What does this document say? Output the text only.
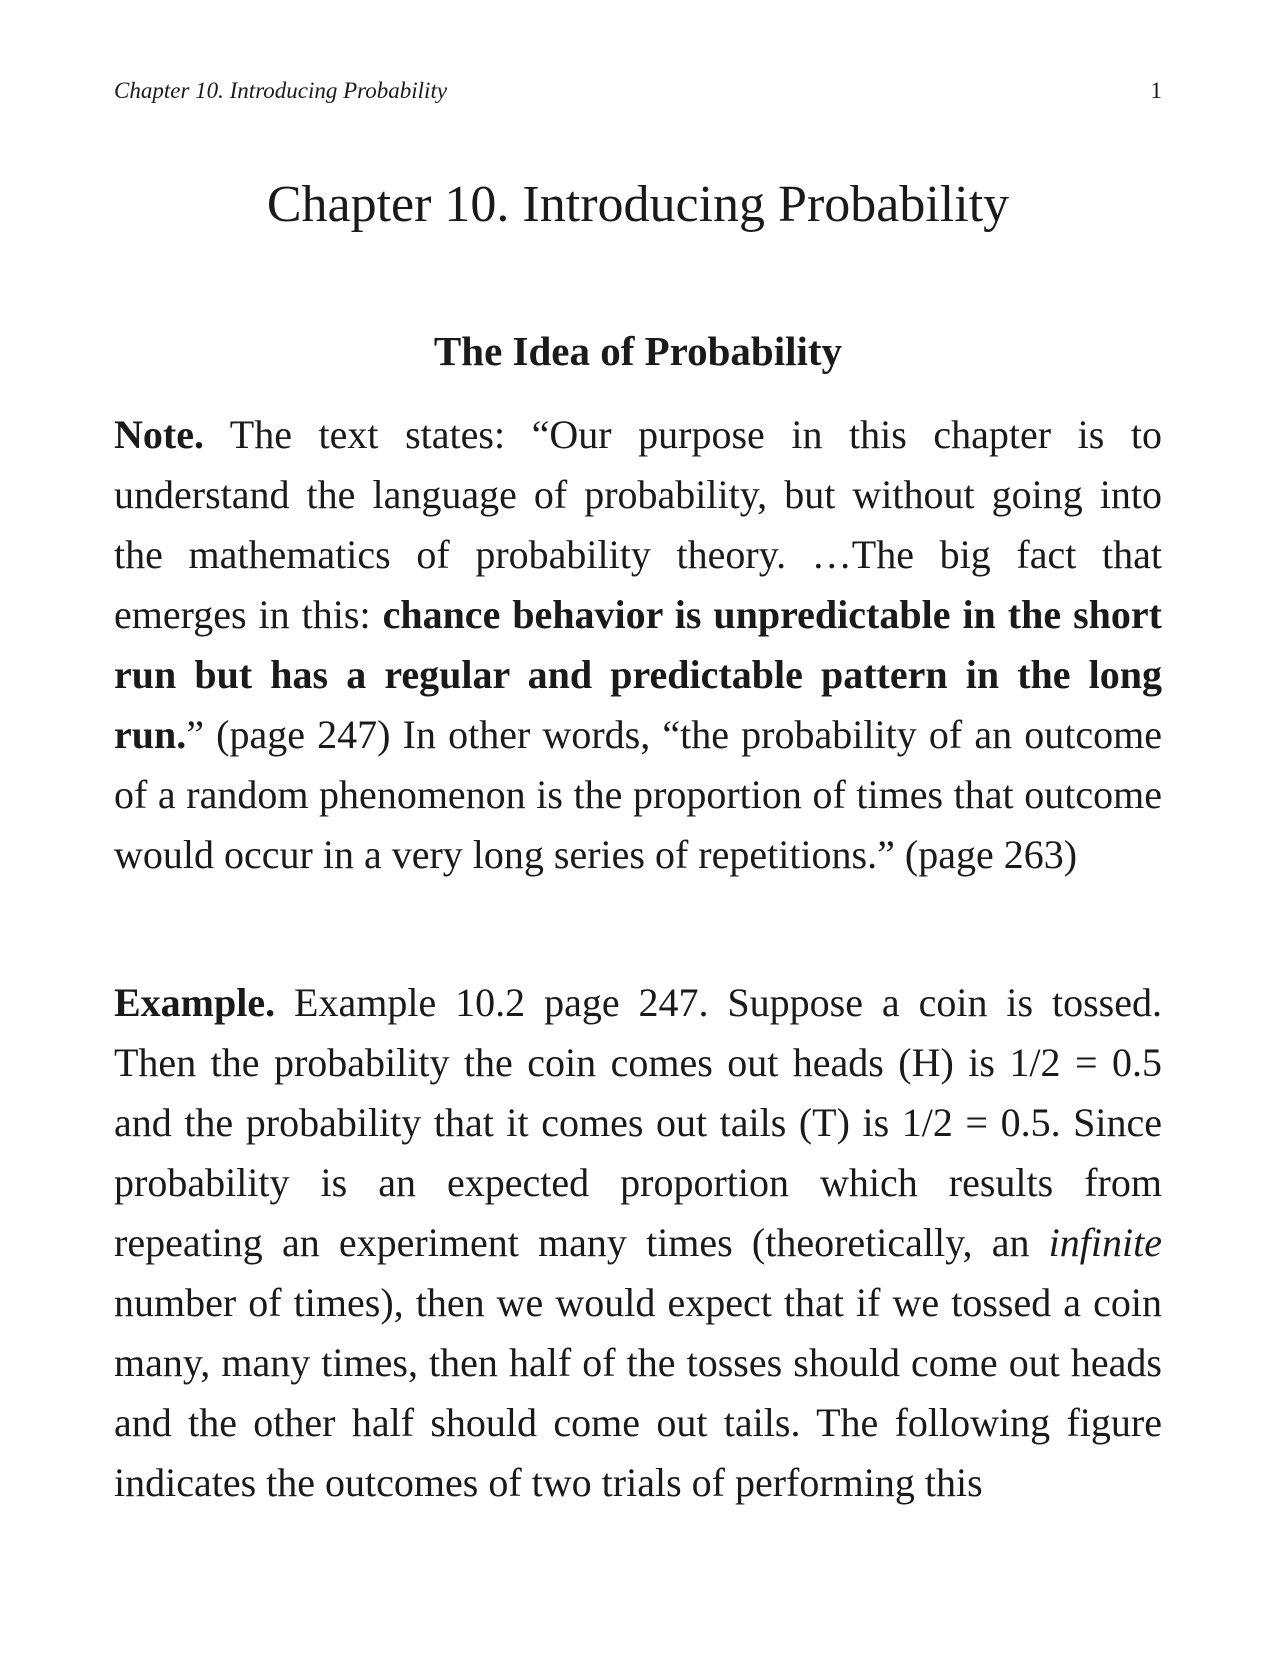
Chapter 10. Introducing Probability	1
Chapter 10. Introducing Probability
The Idea of Probability

Note. The text states: “Our purpose in this chapter is to understand the language of probability, but without going into the mathematics of probability theory. …The big fact that emerges in this: chance behavior is unpredictable in the short run but has a regular and predictable pattern in the long run.” (page 247) In other words, “the probability of an outcome of a random phenomenon is the proportion of times that outcome would occur in a very long series of repetitions.” (page 263)

Example. Example 10.2 page 247. Suppose a coin is tossed. Then the probability the coin comes out heads (H) is 1/2 = 0.5 and the probability that it comes out tails (T) is 1/2 = 0.5. Since probability is an expected proportion which results from repeating an experiment many times (theoretically, an infinite number of times), then we would expect that if we tossed a coin many, many times, then half of the tosses should come out heads and the other half should come out tails. The following figure indicates the outcomes of two trials of performing this
